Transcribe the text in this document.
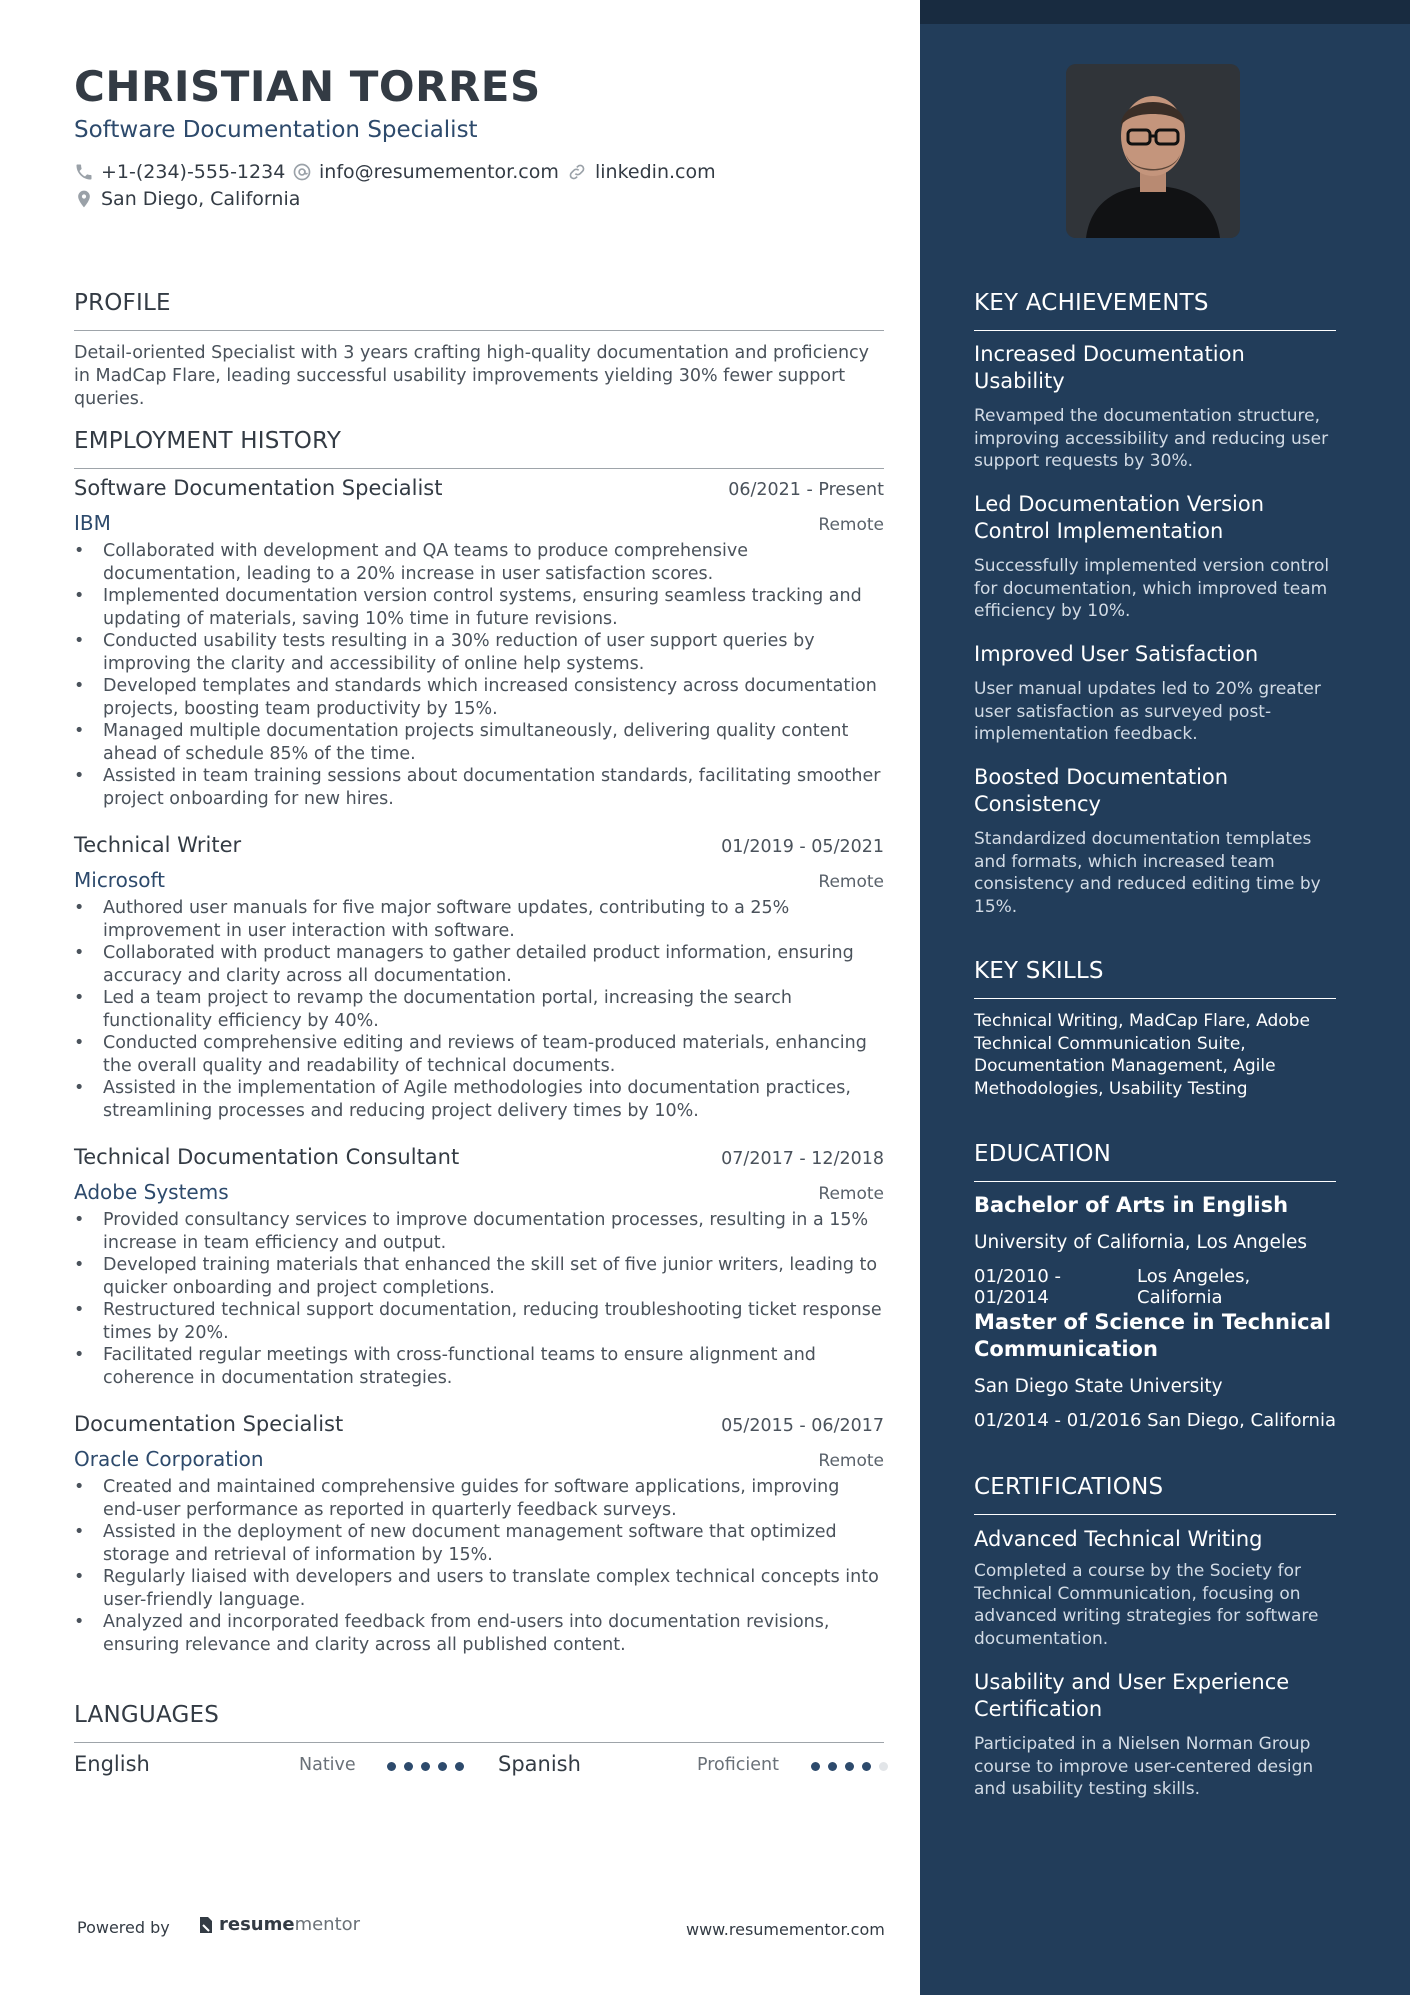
CHRISTIAN TORRES
Software Documentation Specialist
+1-(234)-555-1234 info@resumementor.com linkedin.com
San Diego, California
PROFILE
Detail-oriented Specialist with 3 years crafting high-quality documentation and proficiency in MadCap Flare, leading successful usability improvements yielding 30% fewer support queries.
EMPLOYMENT HISTORY
Software Documentation Specialist	06/2021 - Present
IBM	Remote
• Collaborated with development and QA teams to produce comprehensive documentation, leading to a 20% increase in user satisfaction scores.
• Implemented documentation version control systems, ensuring seamless tracking and updating of materials, saving 10% time in future revisions.
• Conducted usability tests resulting in a 30% reduction of user support queries by improving the clarity and accessibility of online help systems.
• Developed templates and standards which increased consistency across documentation projects, boosting team productivity by 15%.
• Managed multiple documentation projects simultaneously, delivering quality content ahead of schedule 85% of the time.
• Assisted in team training sessions about documentation standards, facilitating smoother project onboarding for new hires.
Technical Writer	01/2019 - 05/2021
Microsoft	Remote
• Authored user manuals for five major software updates, contributing to a 25% improvement in user interaction with software.
• Collaborated with product managers to gather detailed product information, ensuring accuracy and clarity across all documentation.
• Led a team project to revamp the documentation portal, increasing the search functionality efficiency by 40%.
• Conducted comprehensive editing and reviews of team-produced materials, enhancing the overall quality and readability of technical documents.
• Assisted in the implementation of Agile methodologies into documentation practices, streamlining processes and reducing project delivery times by 10%.
Technical Documentation Consultant	07/2017 - 12/2018
Adobe Systems	Remote
• Provided consultancy services to improve documentation processes, resulting in a 15% increase in team efficiency and output.
• Developed training materials that enhanced the skill set of five junior writers, leading to quicker onboarding and project completions.
• Restructured technical support documentation, reducing troubleshooting ticket response times by 20%.
• Facilitated regular meetings with cross-functional teams to ensure alignment and coherence in documentation strategies.
Documentation Specialist	05/2015 - 06/2017
Oracle Corporation	Remote
• Created and maintained comprehensive guides for software applications, improving end-user performance as reported in quarterly feedback surveys.
• Assisted in the deployment of new document management software that optimized storage and retrieval of information by 15%.
• Regularly liaised with developers and users to translate complex technical concepts into user-friendly language.
• Analyzed and incorporated feedback from end-users into documentation revisions, ensuring relevance and clarity across all published content.
LANGUAGES
English	Native	Spanish	Proficient
Powered by	resumementor	www.resumementor.com
KEY ACHIEVEMENTS
Increased Documentation Usability
Revamped the documentation structure, improving accessibility and reducing user support requests by 30%.
Led Documentation Version Control Implementation
Successfully implemented version control for documentation, which improved team efficiency by 10%.
Improved User Satisfaction
User manual updates led to 20% greater user satisfaction as surveyed post-implementation feedback.
Boosted Documentation Consistency
Standardized documentation templates and formats, which increased team consistency and reduced editing time by 15%.
KEY SKILLS
Technical Writing, MadCap Flare, Adobe Technical Communication Suite, Documentation Management, Agile Methodologies, Usability Testing
EDUCATION
Bachelor of Arts in English
University of California, Los Angeles
01/2010 - 01/2014
Los Angeles, California
Master of Science in Technical Communication
San Diego State University
01/2014 - 01/2016 San Diego, California
CERTIFICATIONS
Advanced Technical Writing
Completed a course by the Society for Technical Communication, focusing on advanced writing strategies for software documentation.
Usability and User Experience Certification
Participated in a Nielsen Norman Group course to improve user-centered design and usability testing skills.
